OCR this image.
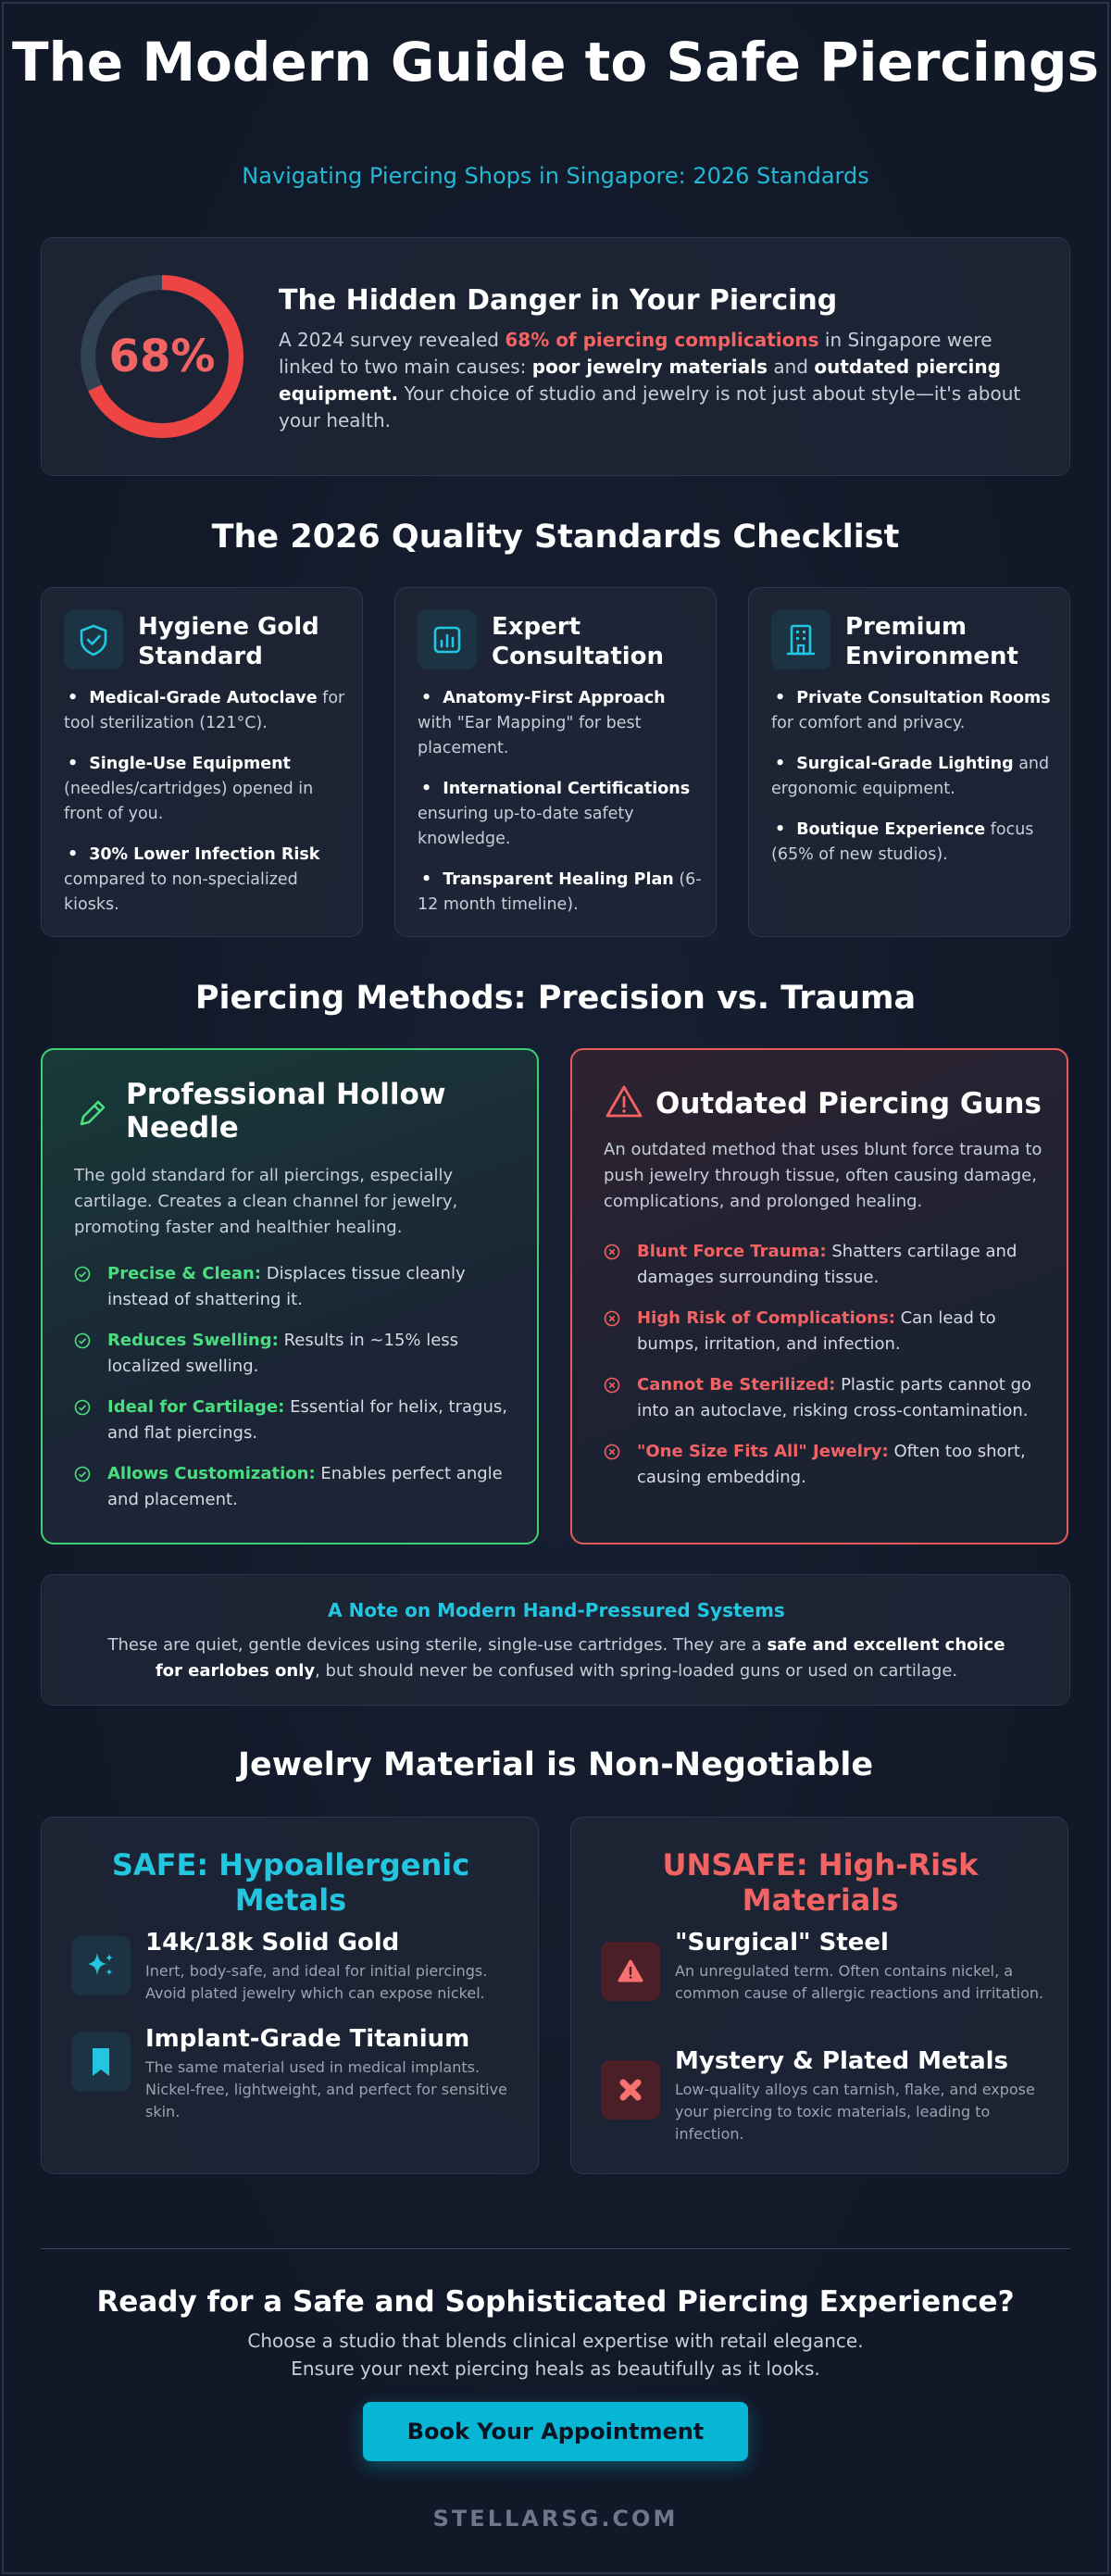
The Modern Guide to Safe Piercings
Navigating Piercing Shops in Singapore: 2026 Standards
68%
The Hidden Danger in Your Piercing
A 2024 survey revealed 68% of piercing complications in Singapore were linked to two main causes: poor jewelry materials and outdated piercing equipment. Your choice of studio and jewelry is not just about style—it's about your health.
The 2026 Quality Standards Checklist
Hygiene Gold Standard
• Medical-Grade Autoclave for tool sterilization (121°C).
• Single-Use Equipment (needles/cartridges) opened in front of you.
• 30% Lower Infection Risk compared to non-specialized kiosks.
Expert Consultation
• Anatomy-First Approach with "Ear Mapping" for best placement.
• International Certifications ensuring up-to-date safety knowledge.
• Transparent Healing Plan (6-12 month timeline).
Premium Environment
• Private Consultation Rooms for comfort and privacy.
• Surgical-Grade Lighting and ergonomic equipment.
• Boutique Experience focus (65% of new studios).
Piercing Methods: Precision vs. Trauma
Professional Hollow Needle
The gold standard for all piercings, especially cartilage. Creates a clean channel for jewelry, promoting faster and healthier healing.
Precise & Clean: Displaces tissue cleanly instead of shattering it.
Reduces Swelling: Results in ~15% less localized swelling.
Ideal for Cartilage: Essential for helix, tragus, and flat piercings.
Allows Customization: Enables perfect angle and placement.
Outdated Piercing Guns
An outdated method that uses blunt force trauma to push jewelry through tissue, often causing damage, complications, and prolonged healing.
Blunt Force Trauma: Shatters cartilage and damages surrounding tissue.
High Risk of Complications: Can lead to bumps, irritation, and infection.
Cannot Be Sterilized: Plastic parts cannot go into an autoclave, risking cross-contamination.
"One Size Fits All" Jewelry: Often too short, causing embedding.
A Note on Modern Hand-Pressured Systems
These are quiet, gentle devices using sterile, single-use cartridges. They are a safe and excellent choice for earlobes only, but should never be confused with spring-loaded guns or used on cartilage.
Jewelry Material is Non-Negotiable
SAFE: Hypoallergenic Metals
14k/18k Solid Gold
Inert, body-safe, and ideal for initial piercings. Avoid plated jewelry which can expose nickel.
Implant-Grade Titanium
The same material used in medical implants. Nickel-free, lightweight, and perfect for sensitive skin.
UNSAFE: High-Risk Materials
"Surgical" Steel
An unregulated term. Often contains nickel, a common cause of allergic reactions and irritation.
Mystery & Plated Metals
Low-quality alloys can tarnish, flake, and expose your piercing to toxic materials, leading to infection.
Ready for a Safe and Sophisticated Piercing Experience?
Choose a studio that blends clinical expertise with retail elegance.
Ensure your next piercing heals as beautifully as it looks.
Book Your Appointment
STELLARSG.COM
